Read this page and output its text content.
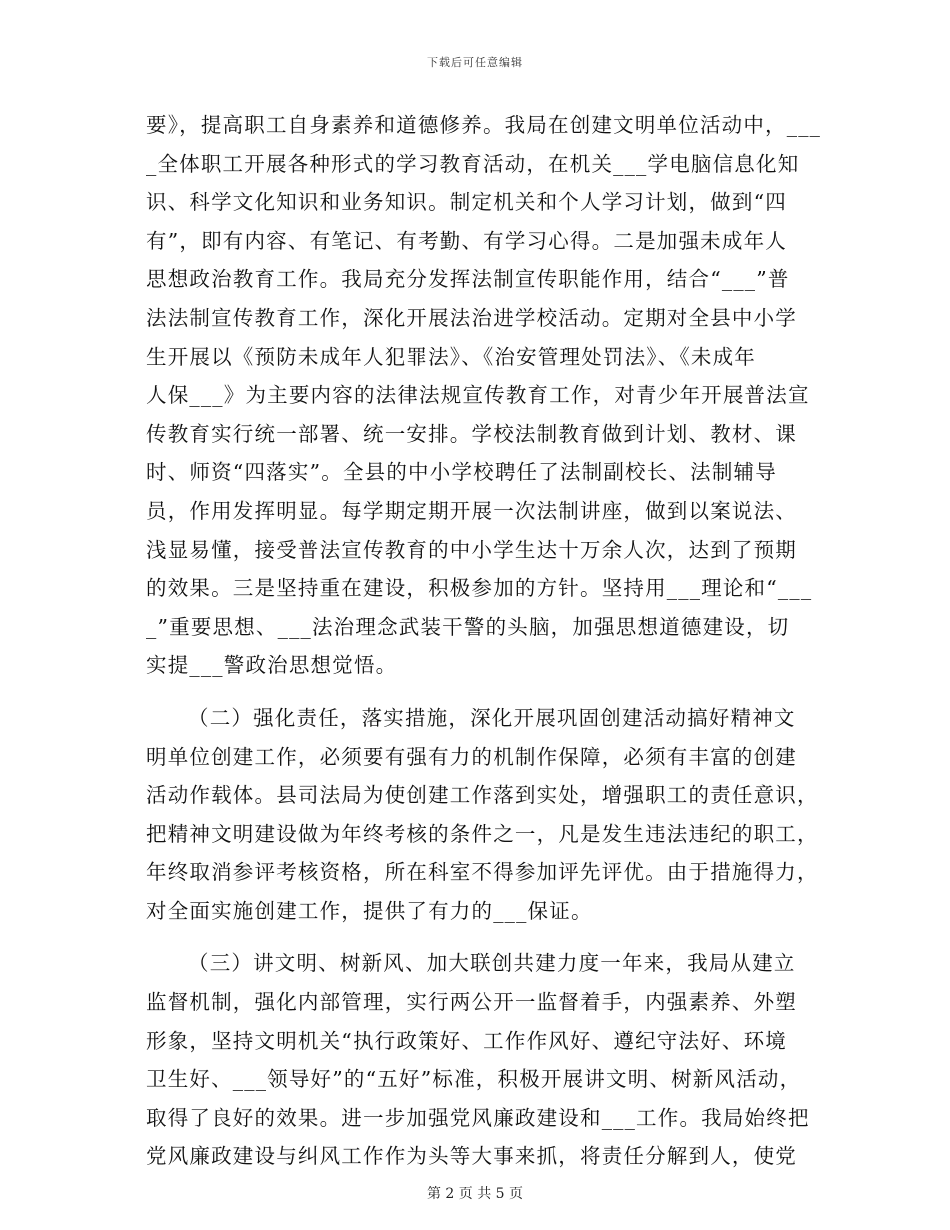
下载后可任意编辑
要》，提高职工自身素养和道德修养。我局在创建文明单位活动中，___
_全体职工开展各种形式的学习教育活动，在机关___学电脑信息化知
识、科学文化知识和业务知识。制定机关和个人学习计划，做到“四
有”，即有内容、有笔记、有考勤、有学习心得。二是加强未成年人
思想政治教育工作。我局充分发挥法制宣传职能作用，结合“___”普
法法制宣传教育工作，深化开展法治进学校活动。定期对全县中小学
生开展以《预防未成年人犯罪法》、《治安管理处罚法》、《未成年
人保___》为主要内容的法律法规宣传教育工作，对青少年开展普法宣
传教育实行统一部署、统一安排。学校法制教育做到计划、教材、课
时、师资“四落实”。全县的中小学校聘任了法制副校长、法制辅导
员，作用发挥明显。每学期定期开展一次法制讲座，做到以案说法、
浅显易懂，接受普法宣传教育的中小学生达十万余人次，达到了预期
的效果。三是坚持重在建设，积极参加的方针。坚持用___理论和“___
_”重要思想、___法治理念武装干警的头脑，加强思想道德建设，切
实提___警政治思想觉悟。
（二）强化责任，落实措施，深化开展巩固创建活动搞好精神文
明单位创建工作，必须要有强有力的机制作保障，必须有丰富的创建
活动作载体。县司法局为使创建工作落到实处，增强职工的责任意识，
把精神文明建设做为年终考核的条件之一，凡是发生违法违纪的职工，
年终取消参评考核资格，所在科室不得参加评先评优。由于措施得力，
对全面实施创建工作，提供了有力的___保证。
（三）讲文明、树新风、加大联创共建力度一年来，我局从建立
监督机制，强化内部管理，实行两公开一监督着手，内强素养、外塑
形象，坚持文明机关“执行政策好、工作作风好、遵纪守法好、环境
卫生好、___领导好”的“五好”标准，积极开展讲文明、树新风活动，
取得了良好的效果。进一步加强党风廉政建设和___工作。我局始终把
党风廉政建设与纠风工作作为头等大事来抓，将责任分解到人，使党
第 2 页 共 5 页
